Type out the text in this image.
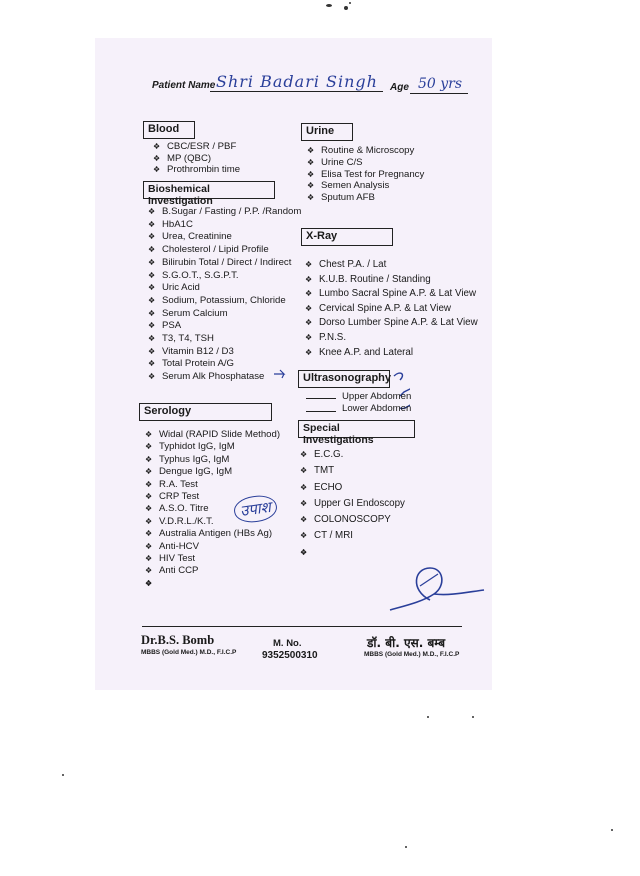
Patient Name Shri Badari Singh Age 50 yrs
Blood
❖ CBC/ESR / PBF
❖ MP (QBC)
❖ Prothrombin time
Bioshemical Investigation
❖ B.Sugar / Fasting / P.P. /Random
❖ HbA1C
❖ Urea, Creatinine
❖ Cholesterol / Lipid Profile
❖ Bilirubin Total / Direct / Indirect
❖ S.G.O.T., S.G.P.T.
❖ Uric Acid
❖ Sodium, Potassium, Chloride
❖ Serum Calcium
❖ PSA
❖ T3, T4, TSH
❖ Vitamin B12 / D3
❖ Total Protein A/G
❖ Serum Alk Phosphatase
Serology
❖ Widal (RAPID Slide Method)
❖ Typhidot IgG, IgM
❖ Typhus IgG, IgM
❖ Dengue IgG, IgM
❖ R.A. Test
❖ CRP Test
❖ A.S.O. Titre
❖ V.D.R.L./K.T.
❖ Australia Antigen (HBs Ag)
❖ Anti-HCV
❖ HIV Test
❖ Anti CCP
उपाश
Urine
❖ Routine & Microscopy
❖ Urine C/S
❖ Elisa Test for Pregnancy
❖ Semen Analysis
❖ Sputum AFB
X-Ray
❖ Chest P.A. / Lat
❖ K.U.B. Routine / Standing
❖ Lumbo Sacral Spine A.P. & Lat View
❖ Cervical Spine A.P. & Lat View
❖ Dorso Lumber Spine A.P. & Lat View
❖ P.N.S.
❖ Knee A.P. and Lateral
Ultrasonography
Upper Abdomen
Lower Abdomen
Special Investigations
❖ E.C.G.
❖ TMT
❖ ECHO
❖ Upper GI Endoscopy
❖ COLONOSCOPY
❖ CT / MRI
Dr.B.S. Bomb
MBBS (Gold Med.) M.D., F.I.C.P
M. No.
9352500310
डॉ. बी. एस. बम्ब
MBBS (Gold Med.) M.D., F.I.C.P
